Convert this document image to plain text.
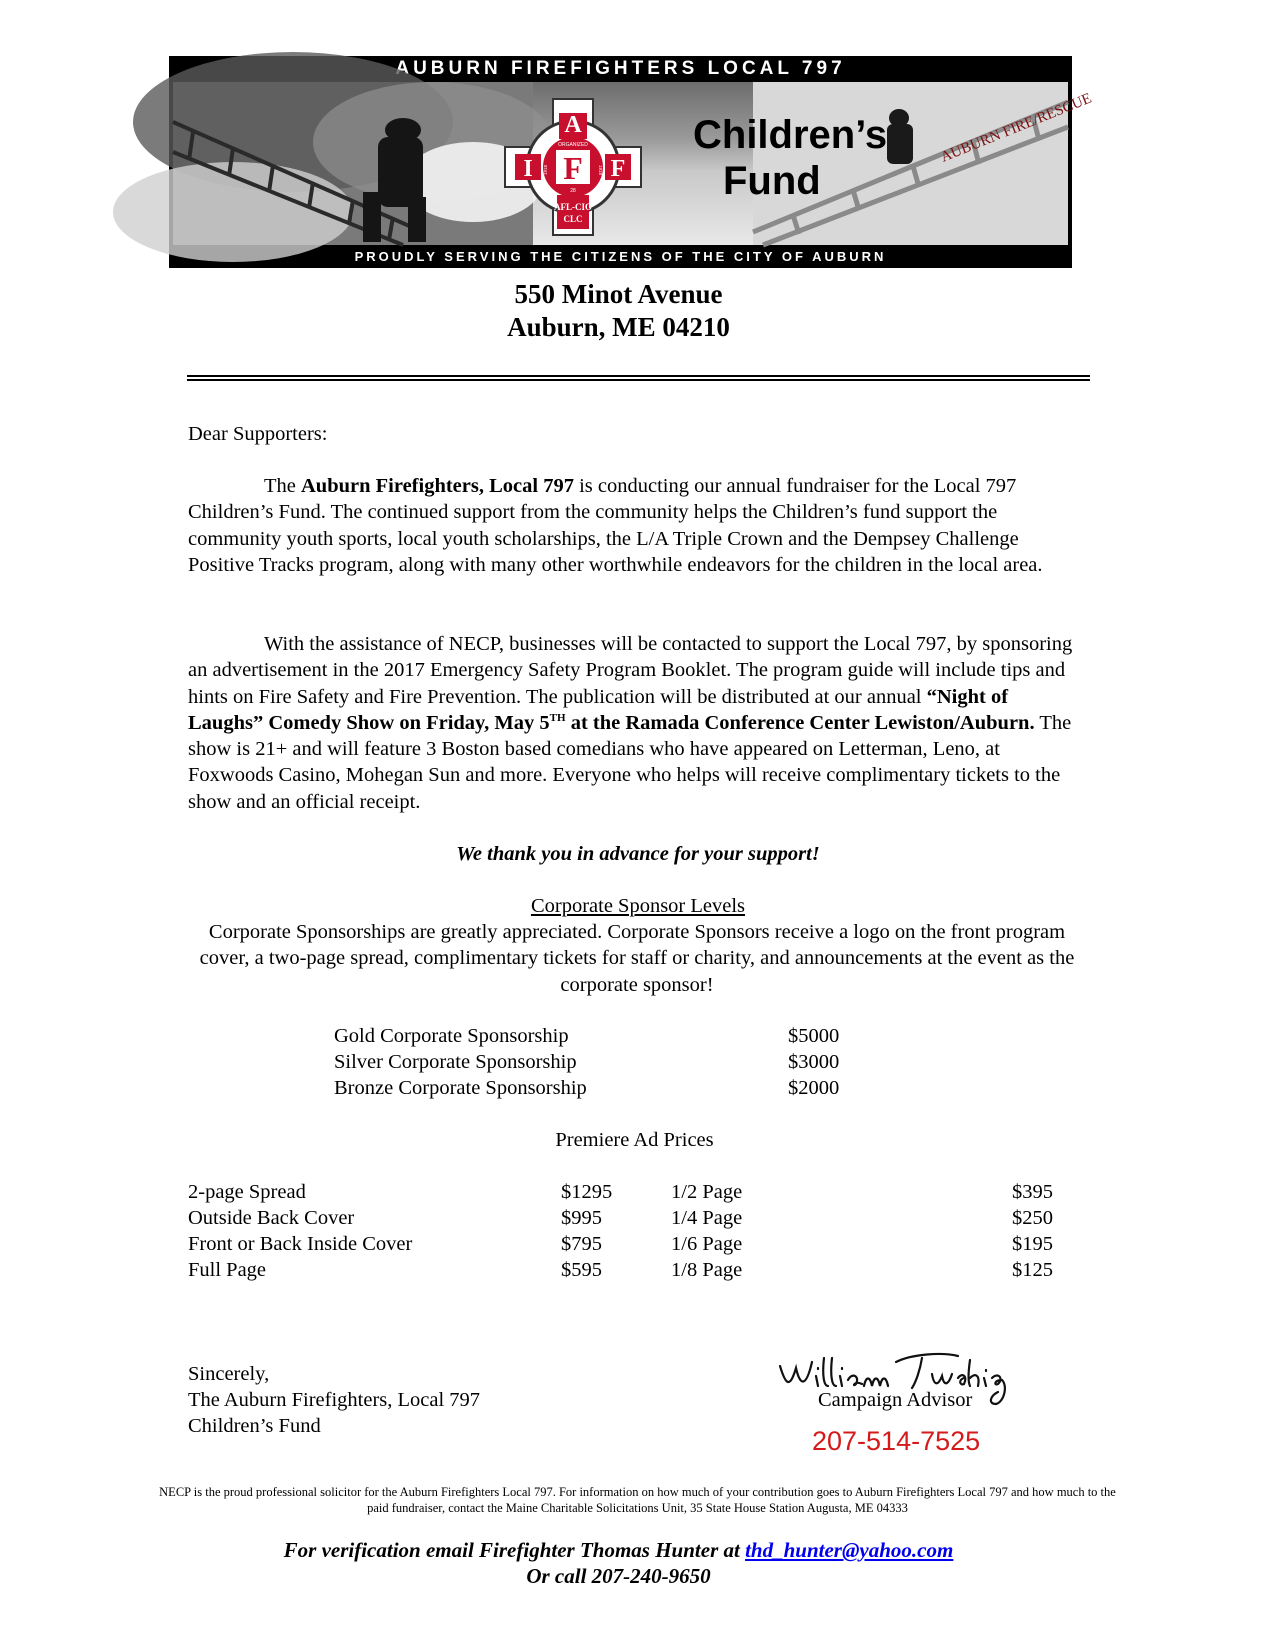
AUBURN FIREFIGHTERS LOCAL 797
AUBURN FIRE/RESCUE
A
I	F
F
ORGANIZED
1918	1918
28
AFL-CIO
CLC
Children’s
Fund
PROUDLY SERVING THE CITIZENS OF THE CITY OF AUBURN
550 Minot Avenue
Auburn, ME 04210
Dear Supporters:
The Auburn Firefighters, Local 797 is conducting our annual fundraiser for the Local 797 Children’s Fund. The continued support from the community helps the Children’s fund support the community youth sports, local youth scholarships, the L/A Triple Crown and the Dempsey Challenge Positive Tracks program, along with many other worthwhile endeavors for the children in the local area.
With the assistance of NECP, businesses will be contacted to support the Local 797, by sponsoring an advertisement in the 2017 Emergency Safety Program Booklet. The program guide will include tips and hints on Fire Safety and Fire Prevention. The publication will be distributed at our annual “Night of Laughs” Comedy Show on Friday, May 5TH at the Ramada Conference Center Lewiston/Auburn. The show is 21+ and will feature 3 Boston based comedians who have appeared on Letterman, Leno, at Foxwoods Casino, Mohegan Sun and more. Everyone who helps will receive complimentary tickets to the show and an official receipt.
We thank you in advance for your support!
Corporate Sponsor Levels
Corporate Sponsorships are greatly appreciated. Corporate Sponsors receive a logo on the front program cover, a two-page spread, complimentary tickets for staff or charity, and announcements at the event as the corporate sponsor!
Gold Corporate Sponsorship	$5000
Silver Corporate Sponsorship	$3000
Bronze Corporate Sponsorship	$2000
Premiere Ad Prices
2-page Spread	$1295	1/2 Page	$395
Outside Back Cover	$995	1/4 Page	$250
Front or Back Inside Cover	$795	1/6 Page	$195
Full Page	$595	1/8 Page	$125
Sincerely,
The Auburn Firefighters, Local 797
Children’s Fund
Campaign Advisor
207-514-7525
NECP is the proud professional solicitor for the Auburn Firefighters Local 797. For information on how much of your contribution goes to Auburn Firefighters Local 797 and how much to the paid fundraiser, contact the Maine Charitable Solicitations Unit, 35 State House Station Augusta, ME 04333
For verification email Firefighter Thomas Hunter at thd_hunter@yahoo.com
Or call 207-240-9650
